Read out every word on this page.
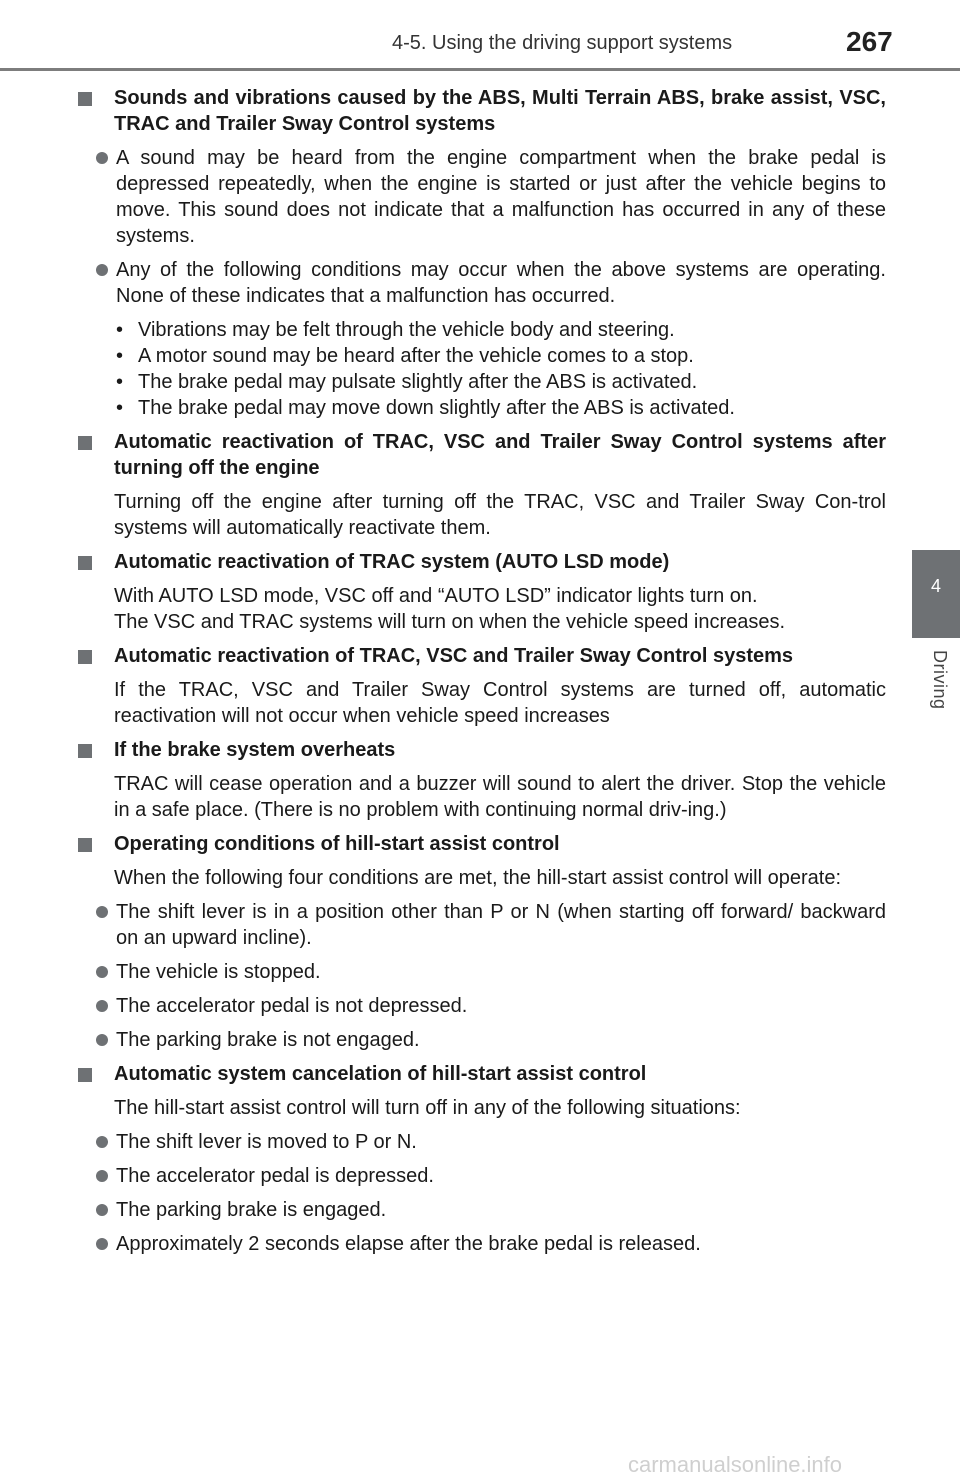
4-5. Using the driving support systems	267
4
Driving
Sounds and vibrations caused by the ABS, Multi Terrain ABS, brake assist, VSC, TRAC and Trailer Sway Control systems
A sound may be heard from the engine compartment when the brake pedal is depressed repeatedly, when the engine is started or just after the vehicle begins to move. This sound does not indicate that a malfunction has occurred in any of these systems.
Any of the following conditions may occur when the above systems are operating. None of these indicates that a malfunction has occurred.
• Vibrations may be felt through the vehicle body and steering.
• A motor sound may be heard after the vehicle comes to a stop.
• The brake pedal may pulsate slightly after the ABS is activated.
• The brake pedal may move down slightly after the ABS is activated.
Automatic reactivation of TRAC, VSC and Trailer Sway Control systems after turning off the engine
Turning off the engine after turning off the TRAC, VSC and Trailer Sway Con-trol systems will automatically reactivate them.
Automatic reactivation of TRAC system (AUTO LSD mode)
With AUTO LSD mode, VSC off and “AUTO LSD” indicator lights turn on.
The VSC and TRAC systems will turn on when the vehicle speed increases.
Automatic reactivation of TRAC, VSC and Trailer Sway Control systems
If the TRAC, VSC and Trailer Sway Control systems are turned off, automatic reactivation will not occur when vehicle speed increases
If the brake system overheats
TRAC will cease operation and a buzzer will sound to alert the driver. Stop the vehicle in a safe place. (There is no problem with continuing normal driv-ing.)
Operating conditions of hill-start assist control
When the following four conditions are met, the hill-start assist control will operate:
The shift lever is in a position other than P or N (when starting off forward/ backward on an upward incline).
The vehicle is stopped.
The accelerator pedal is not depressed.
The parking brake is not engaged.
Automatic system cancelation of hill-start assist control
The hill-start assist control will turn off in any of the following situations:
The shift lever is moved to P or N.
The accelerator pedal is depressed.
The parking brake is engaged.
Approximately 2 seconds elapse after the brake pedal is released.
carmanualsonline.info
